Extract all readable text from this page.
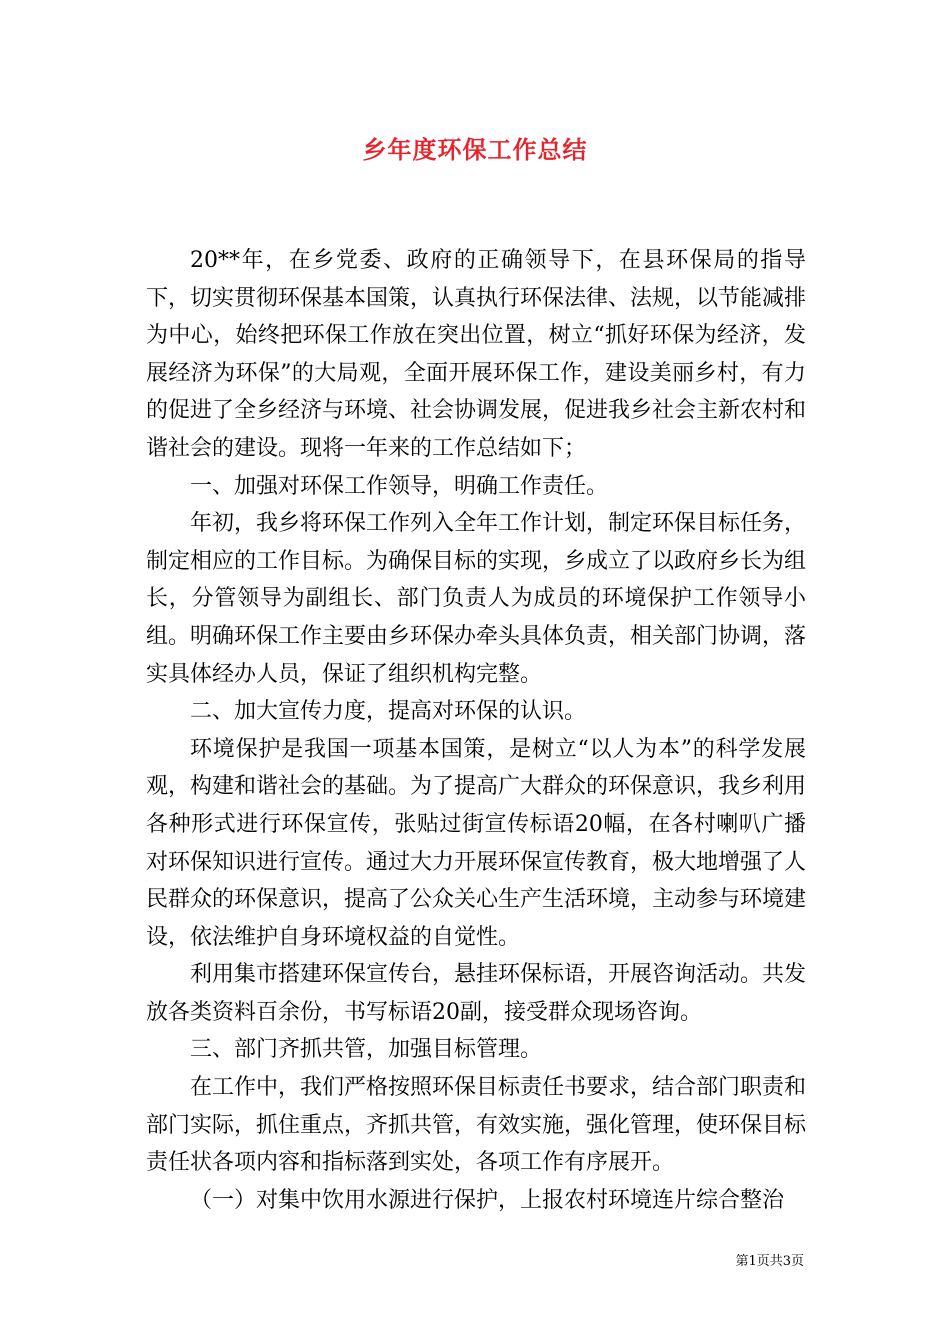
乡年度环保工作总结

20**年，在乡党委、政府的正确领导下，在县环保局的指导下，切实贯彻环保基本国策，认真执行环保法律、法规，以节能减排为中心，始终把环保工作放在突出位置，树立“抓好环保为经济，发展经济为环保”的大局观，全面开展环保工作，建设美丽乡村，有力的促进了全乡经济与环境、社会协调发展，促进我乡社会主新农村和谐社会的建设。现将一年来的工作总结如下；

一、加强对环保工作领导，明确工作责任。

年初，我乡将环保工作列入全年工作计划，制定环保目标任务，制定相应的工作目标。为确保目标的实现，乡成立了以政府乡长为组长，分管领导为副组长、部门负责人为成员的环境保护工作领导小组。明确环保工作主要由乡环保办牵头具体负责，相关部门协调，落实具体经办人员，保证了组织机构完整。

二、加大宣传力度，提高对环保的认识。

环境保护是我国一项基本国策，是树立“以人为本”的科学发展观，构建和谐社会的基础。为了提高广大群众的环保意识，我乡利用各种形式进行环保宣传，张贴过街宣传标语20幅，在各村喇叭广播对环保知识进行宣传。通过大力开展环保宣传教育，极大地增强了人民群众的环保意识，提高了公众关心生产生活环境，主动参与环境建设，依法维护自身环境权益的自觉性。

利用集市搭建环保宣传台，悬挂环保标语，开展咨询活动。共发放各类资料百余份，书写标语20副，接受群众现场咨询。

三、部门齐抓共管，加强目标管理。

在工作中，我们严格按照环保目标责任书要求，结合部门职责和部门实际，抓住重点，齐抓共管，有效实施，强化管理，使环保目标责任状各项内容和指标落到实处，各项工作有序展开。

（一）对集中饮用水源进行保护，上报农村环境连片综合整治

第1页共3页
